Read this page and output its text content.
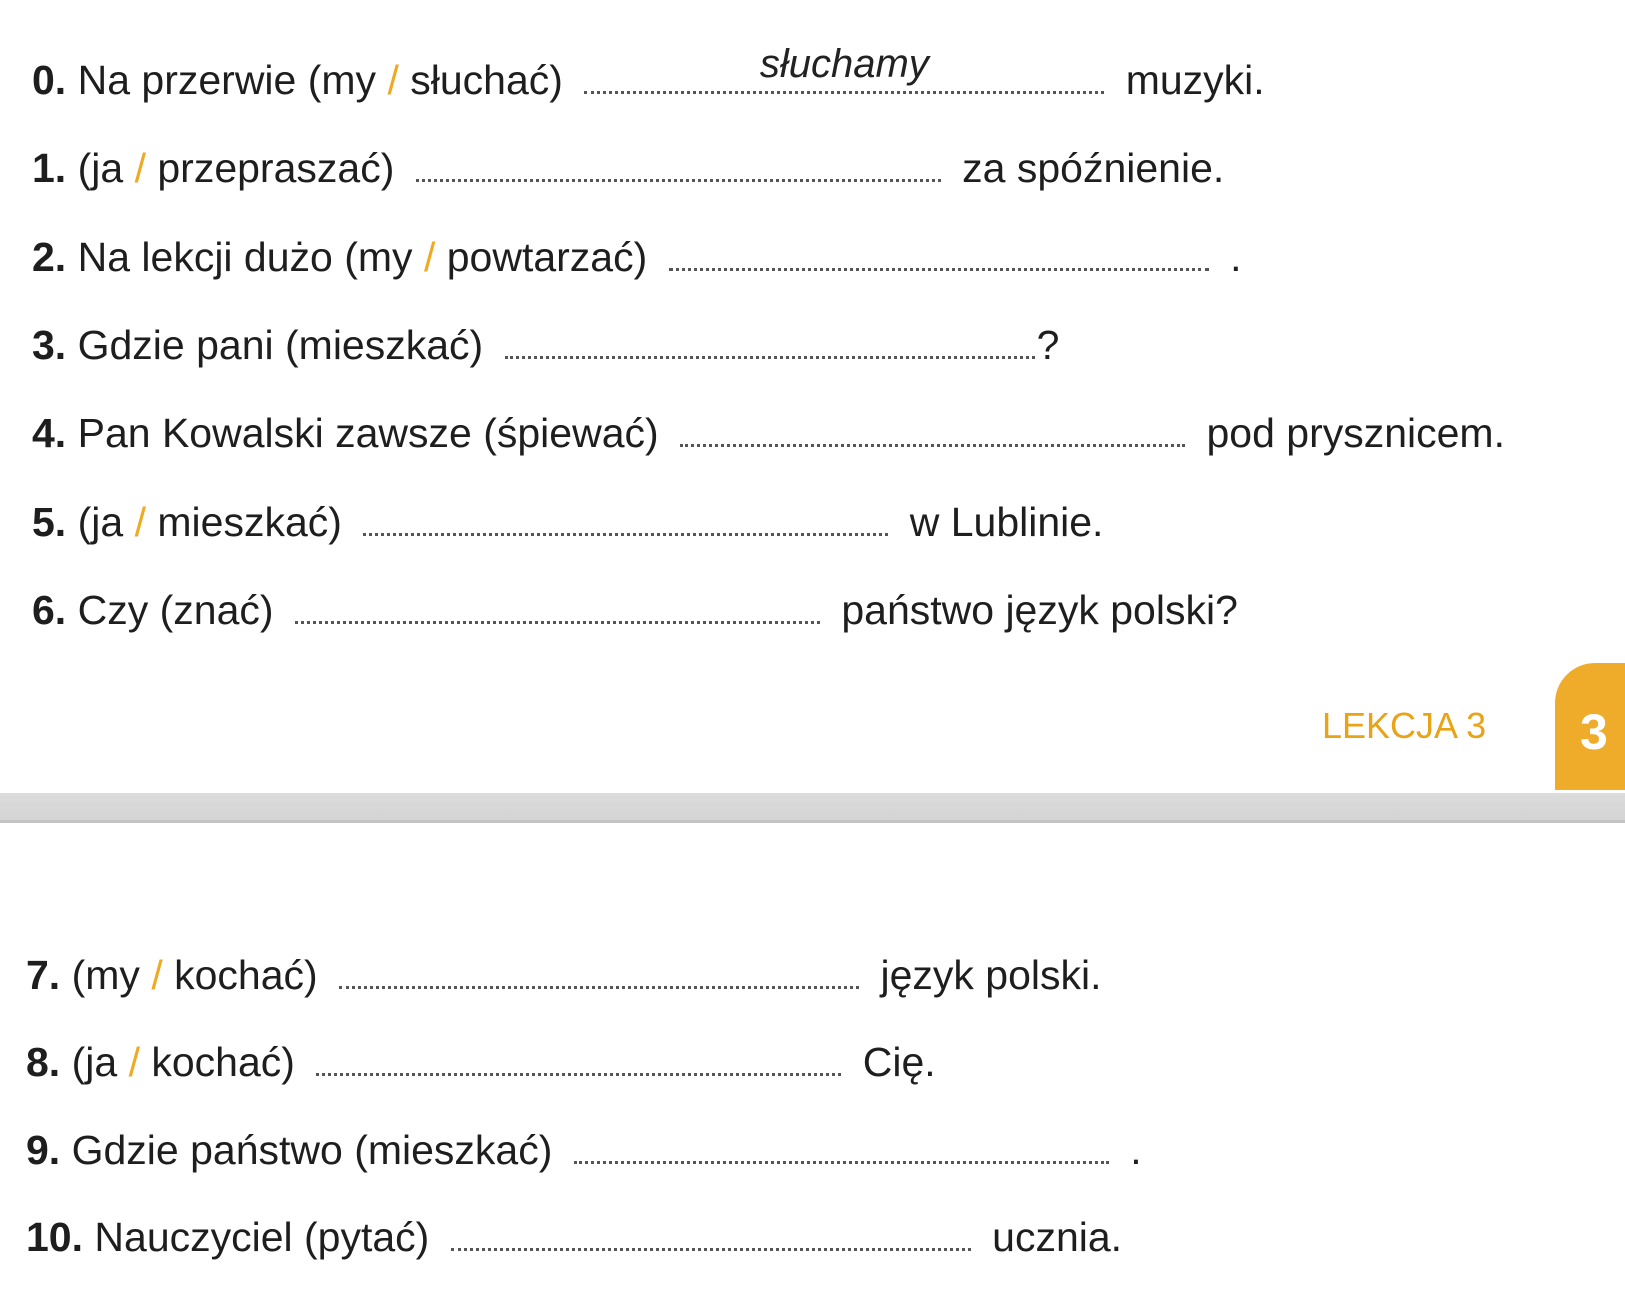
0. Na przerwie (my / słuchać)	słuchamy	muzyki.
1. (ja / przepraszać)	za spóźnienie.
2. Na lekcji dużo (my / powtarzać)	.
3. Gdzie pani (mieszkać)	?
4. Pan Kowalski zawsze (śpiewać)	pod prysznicem.
5. (ja / mieszkać)	w Lublinie.
6. Czy (znać)	państwo język polski?
LEKCJA 3 3
7. (my / kochać)	język polski.
8. (ja / kochać)	Cię.
9. Gdzie państwo (mieszkać)	.
10. Nauczyciel (pytać)	ucznia.
